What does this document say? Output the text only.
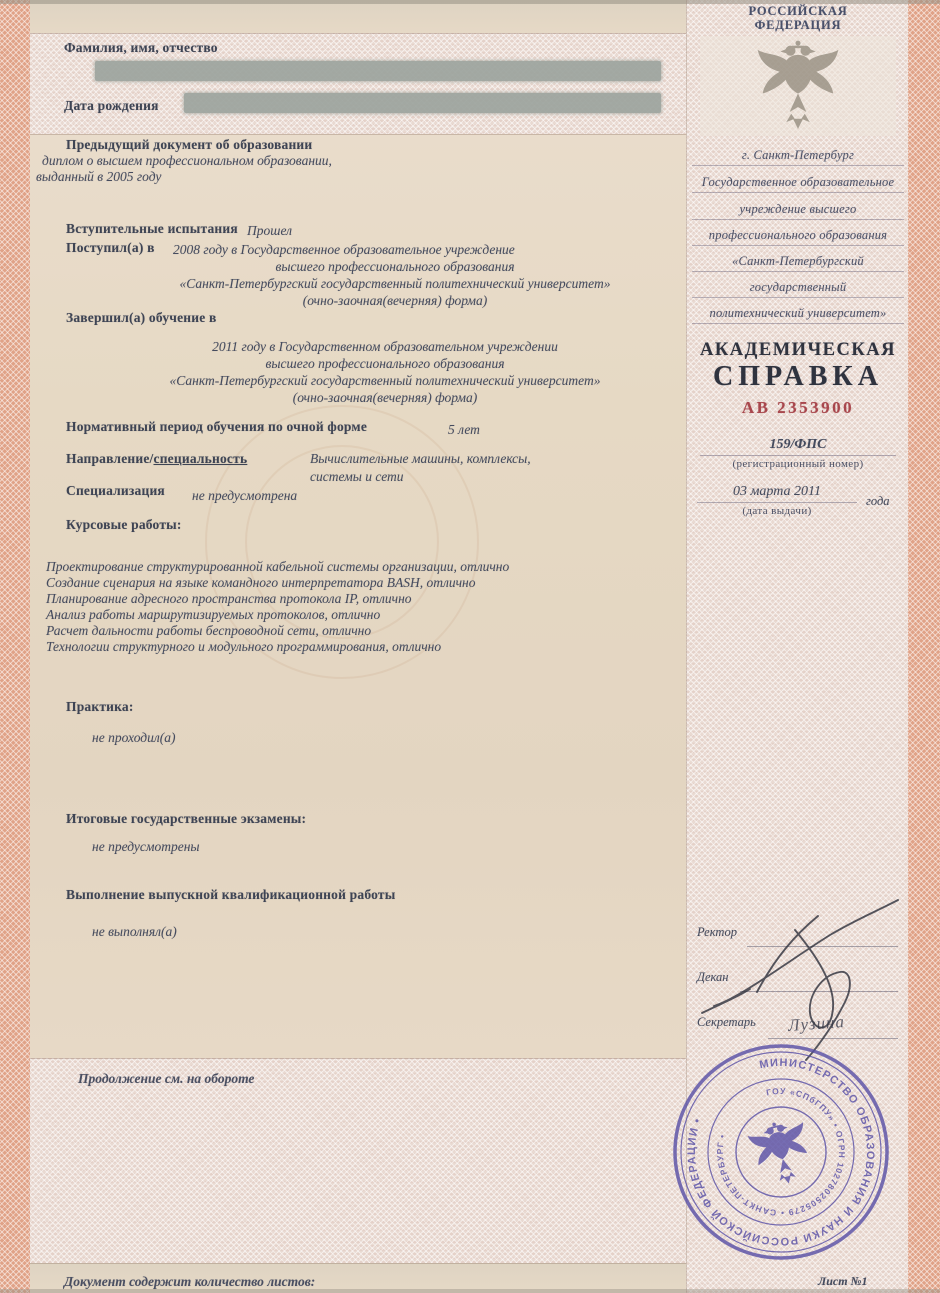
Фамилия, имя, отчество
Дата рождения
Предыдущий документ об образовании
диплом о высшем профессиональном образовании,
выданный в 2005 году
Вступительные испытания Прошел
Поступил(а) в 2008 году в Государственное образовательное учреждение
высшего профессионального образования
«Санкт-Петербургский государственный политехнический университет»
(очно-заочная(вечерняя) форма)
Завершил(а) обучение в
2011 году в Государственном образовательном учреждении
высшего профессионального образования
«Санкт-Петербургский государственный политехнический университет»
(очно-заочная(вечерняя) форма)
Нормативный период обучения по очной форме	5 лет
Направление/специальность	Вычислительные машины, комплексы,
системы и сети
Специализация не предусмотрена
Курсовые работы:
Проектирование структурированной кабельной системы организации, отлично
Создание сценария на языке командного интерпретатора BASH, отлично
Планирование адресного пространства протокола IP, отлично
Анализ работы маршрутизируемых протоколов, отлично
Расчет дальности работы беспроводной сети, отлично
Технологии структурного и модульного программирования, отлично
Практика:
не проходил(а)
Итоговые государственные экзамены:
не предусмотрены
Выполнение выпускной квалификационной работы
не выполнял(а)
Продолжение см. на обороте
Документ содержит количество листов:
РОССИЙСКАЯ
ФЕДЕРАЦИЯ
г. Санкт-Петербург
Государственное образовательное
учреждение высшего
профессионального образования
«Санкт-Петербургский
государственный
политехнический университет»
АКАДЕМИЧЕСКАЯ
СПРАВКА
АВ 2353900
159/ФПС
(регистрационный номер)
03 марта 2011
года
(дата выдачи)
Ректор
Декан
Секретарь Лузина
МИНИСТЕРСТВО ОБРАЗОВАНИЯ И НАУКИ РОССИЙСКОЙ ФЕДЕРАЦИИ •
ГОУ «СПбГПУ» • ОГРН 1027802505279 • САНКТ-ПЕТЕРБУРГ •
Лист №1
